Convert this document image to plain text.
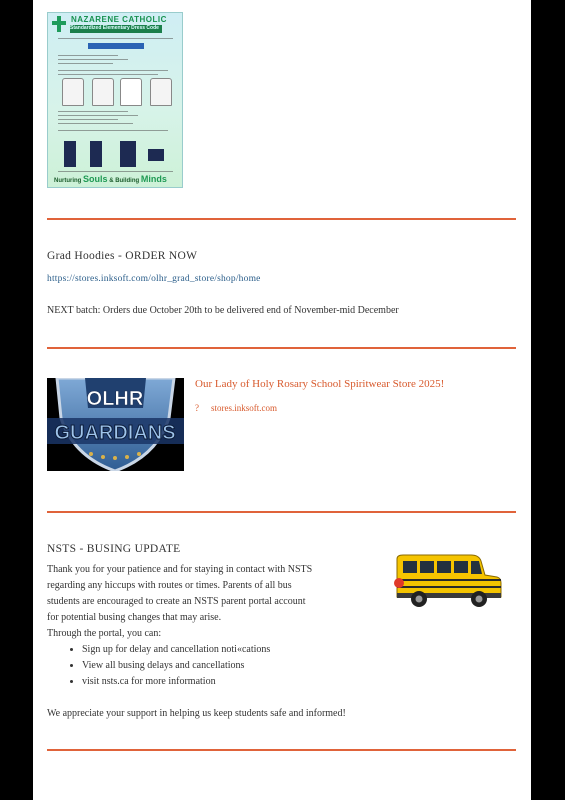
NAZARENE CATHOLIC
Standardized Elementary Dress Code
Nurturing Souls & Building Minds
Grad Hoodies - ORDER NOW
https://stores.inksoft.com/olhr_grad_store/shop/home
NEXT batch: Orders due October 20th to be delivered end of November-mid December
OLHR
GUARDIANS
Our Lady of Holy Rosary School Spiritwear Store 2025!
? stores.inksoft.com
NSTS - BUSING UPDATE
Thank you for your patience and for staying in contact with NSTS
regarding any hiccups with routes or times. Parents of all bus
students are encouraged to create an NSTS parent portal account
for potential busing changes that may arise.
Through the portal, you can:
• Sign up for delay and cancellation noti«cations
• View all busing delays and cancellations
• visit nsts.ca for more information
We appreciate your support in helping us keep students safe and informed!
